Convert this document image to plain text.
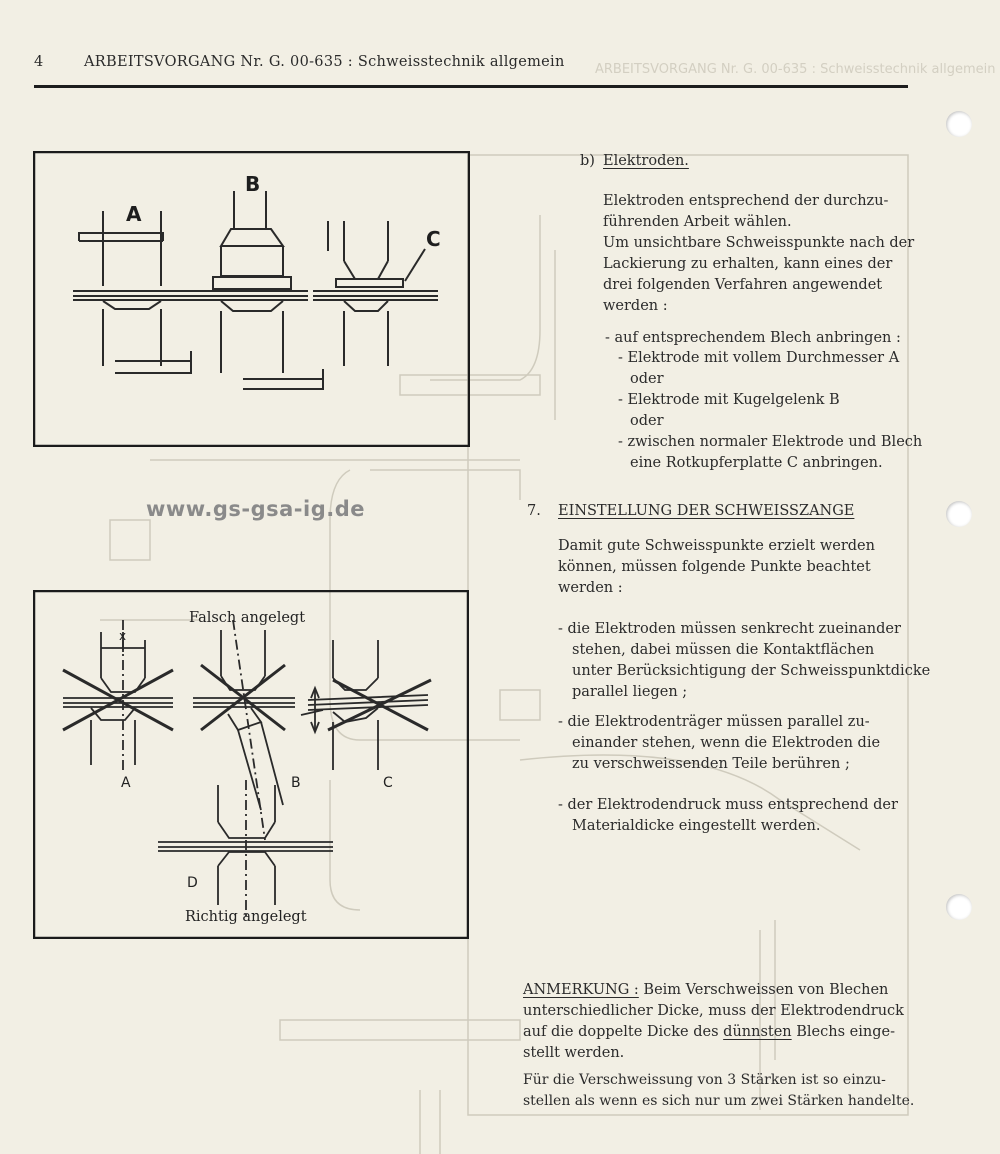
ARBEITSVORGANG Nr. G. 00-635 : Schweisstechnik allgemein
4	ARBEITSVORGANG Nr. G. 00-635 : Schweisstechnik allgemein
A
B
C
www.gs-gsa-ig.de
Falsch angelegt
x
A	B	C
D
Richtig angelegt
b) Elektroden.
Elektroden entsprechend der durchzu-
führenden Arbeit wählen.
Um unsichtbare Schweisspunkte nach der
Lackierung zu erhalten, kann eines der
drei folgenden Verfahren angewendet
werden :
- auf entsprechendem Blech anbringen :
- Elektrode mit vollem Durchmesser A
oder
- Elektrode mit Kugelgelenk B
oder
- zwischen normaler Elektrode und Blech
eine Rotkupferplatte C anbringen.
7. EINSTELLUNG DER SCHWEISSZANGE
Damit gute Schweisspunkte erzielt werden
können, müssen folgende Punkte beachtet
werden :
- die Elektroden müssen senkrecht zueinander
stehen, dabei müssen die Kontaktflächen
unter Berücksichtigung der Schweisspunktdicke
parallel liegen ;
- die Elektrodenträger müssen parallel zu-
einander stehen, wenn die Elektroden die
zu verschweissenden Teile berühren ;
- der Elektrodendruck muss entsprechend der
Materialdicke eingestellt werden.
ANMERKUNG : Beim Verschweissen von Blechen
unterschiedlicher Dicke, muss der Elektrodendruck
auf die doppelte Dicke des dünnsten Blechs einge-
stellt werden.
Für die Verschweissung von 3 Stärken ist so einzu-
stellen als wenn es sich nur um zwei Stärken handelte.
